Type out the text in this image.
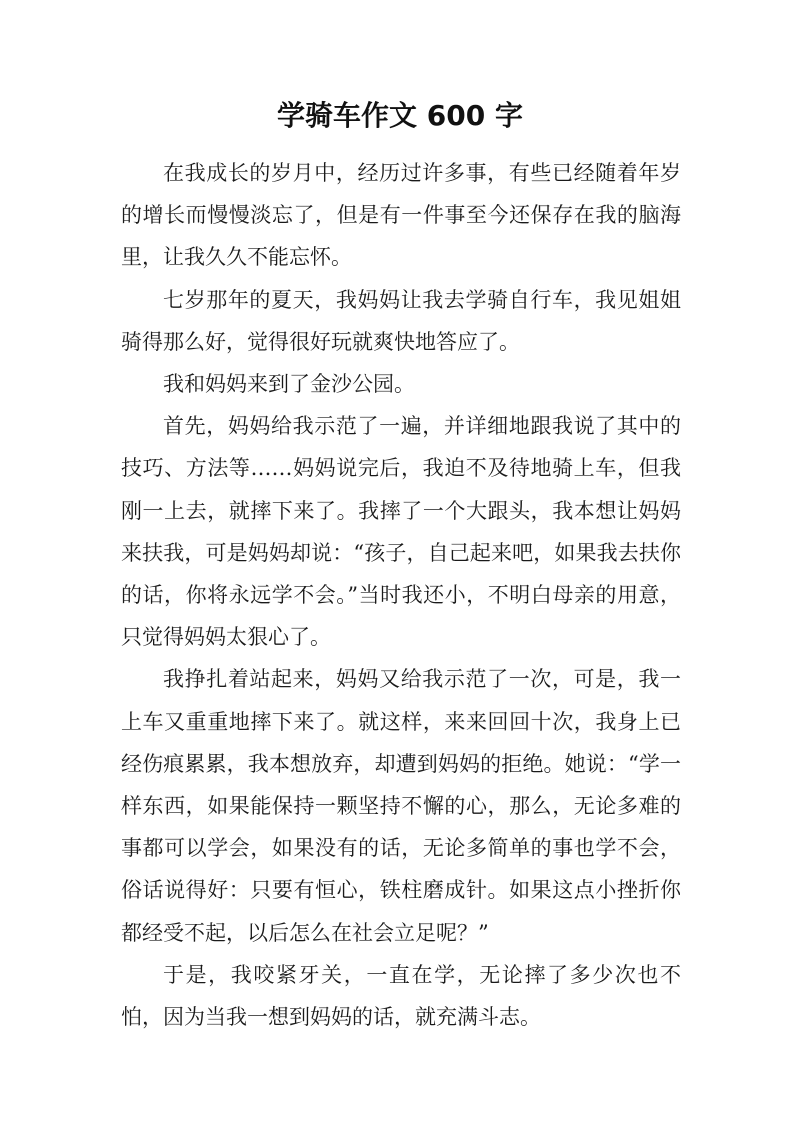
学骑车作文 600 字

在我成长的岁月中，经历过许多事，有些已经随着年岁的增长而慢慢淡忘了，但是有一件事至今还保存在我的脑海里，让我久久不能忘怀。

七岁那年的夏天，我妈妈让我去学骑自行车，我见姐姐骑得那么好，觉得很好玩就爽快地答应了。

我和妈妈来到了金沙公园。

首先，妈妈给我示范了一遍，并详细地跟我说了其中的技巧、方法等……妈妈说完后，我迫不及待地骑上车，但我刚一上去，就摔下来了。我摔了一个大跟头，我本想让妈妈来扶我，可是妈妈却说：“孩子，自己起来吧，如果我去扶你的话，你将永远学不会。”当时我还小，不明白母亲的用意，只觉得妈妈太狠心了。

我挣扎着站起来，妈妈又给我示范了一次，可是，我一上车又重重地摔下来了。就这样，来来回回十次，我身上已经伤痕累累，我本想放弃，却遭到妈妈的拒绝。她说：“学一样东西，如果能保持一颗坚持不懈的心，那么，无论多难的事都可以学会，如果没有的话，无论多简单的事也学不会，俗话说得好：只要有恒心，铁柱磨成针。如果这点小挫折你都经受不起，以后怎么在社会立足呢？”

于是，我咬紧牙关，一直在学，无论摔了多少次也不怕，因为当我一想到妈妈的话，就充满斗志。
